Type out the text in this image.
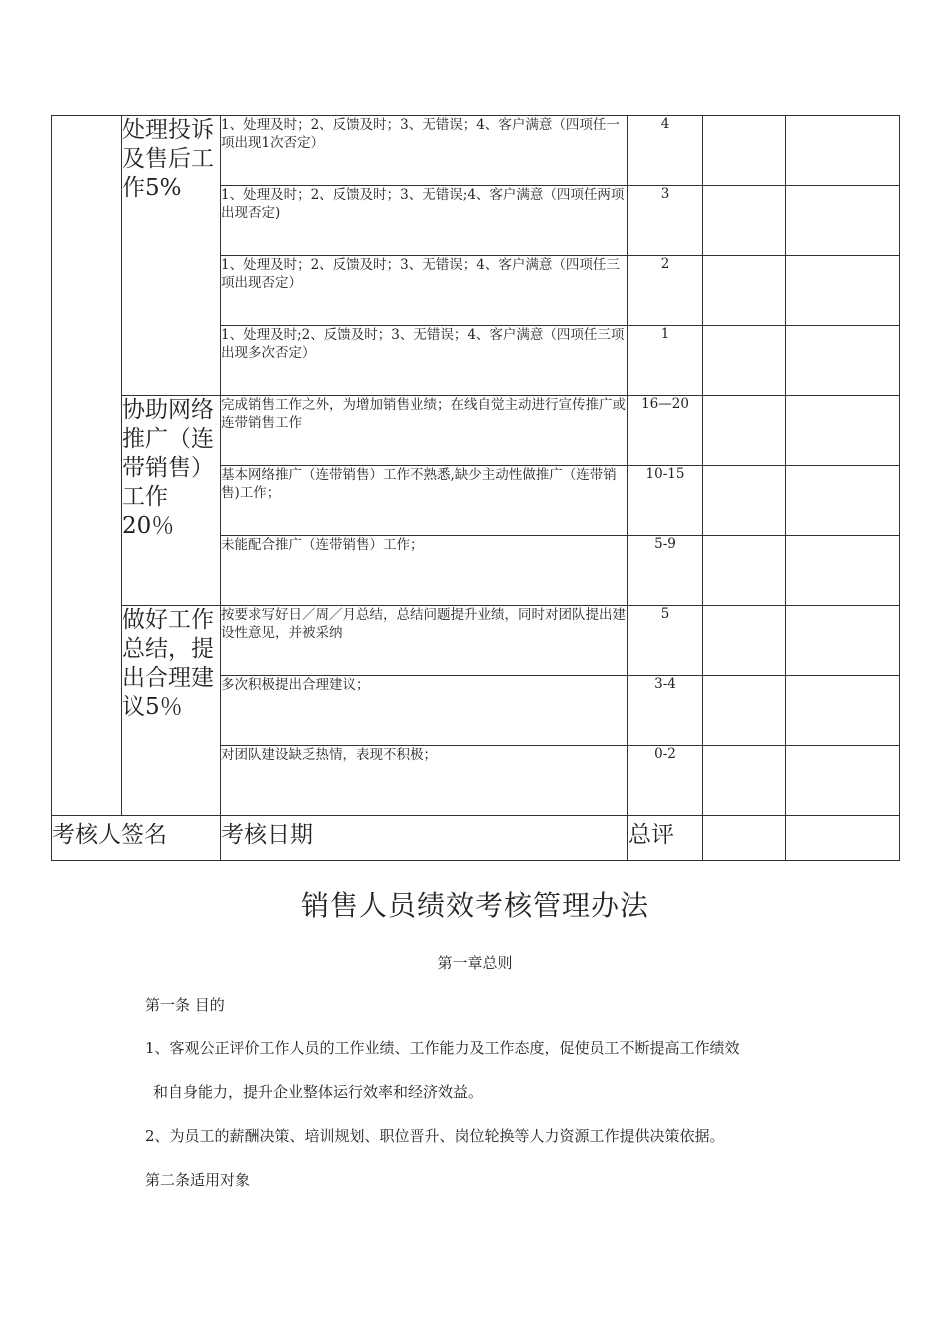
	处理投诉及售后工作5%	1、处理及时；2、反馈及时；3、无错误；4、客户满意（四项任一项出现1次否定）	4		
		1、处理及时；2、反馈及时；3、无错误;4、客户满意（四项任两项出现否定)	3		
		1、处理及时；2、反馈及时；3、无错误；4、客户满意（四项任三项出现否定）	2		
		1、处理及时;2、反馈及时；3、无错误；4、客户满意（四项任三项出现多次否定）	1		
	协助网络推广（连带销售）工作20％	完成销售工作之外，为增加销售业绩；在线自觉主动进行宣传推广或连带销售工作	16—20		
		基本网络推广（连带销售）工作不熟悉,缺少主动性做推广（连带销售)工作；	10-15		
		未能配合推广（连带销售）工作；	5-9		
	做好工作总结，提出合理建议5％	按要求写好日／周／月总结，总结问题提升业绩，同时对团队提出建设性意见，并被采纳	5		
		多次积极提出合理建议；	3-4		
		对团队建设缺乏热情，表现不积极；	0-2		
考核人签名		考核日期	总评		
销售人员绩效考核管理办法
第一章总则
第一条 目的
1、客观公正评价工作人员的工作业绩、工作能力及工作态度，促使员工不断提高工作绩效
和自身能力，提升企业整体运行效率和经济效益。
2、为员工的薪酬决策、培训规划、职位晋升、岗位轮换等人力资源工作提供决策依据。
第二条适用对象
